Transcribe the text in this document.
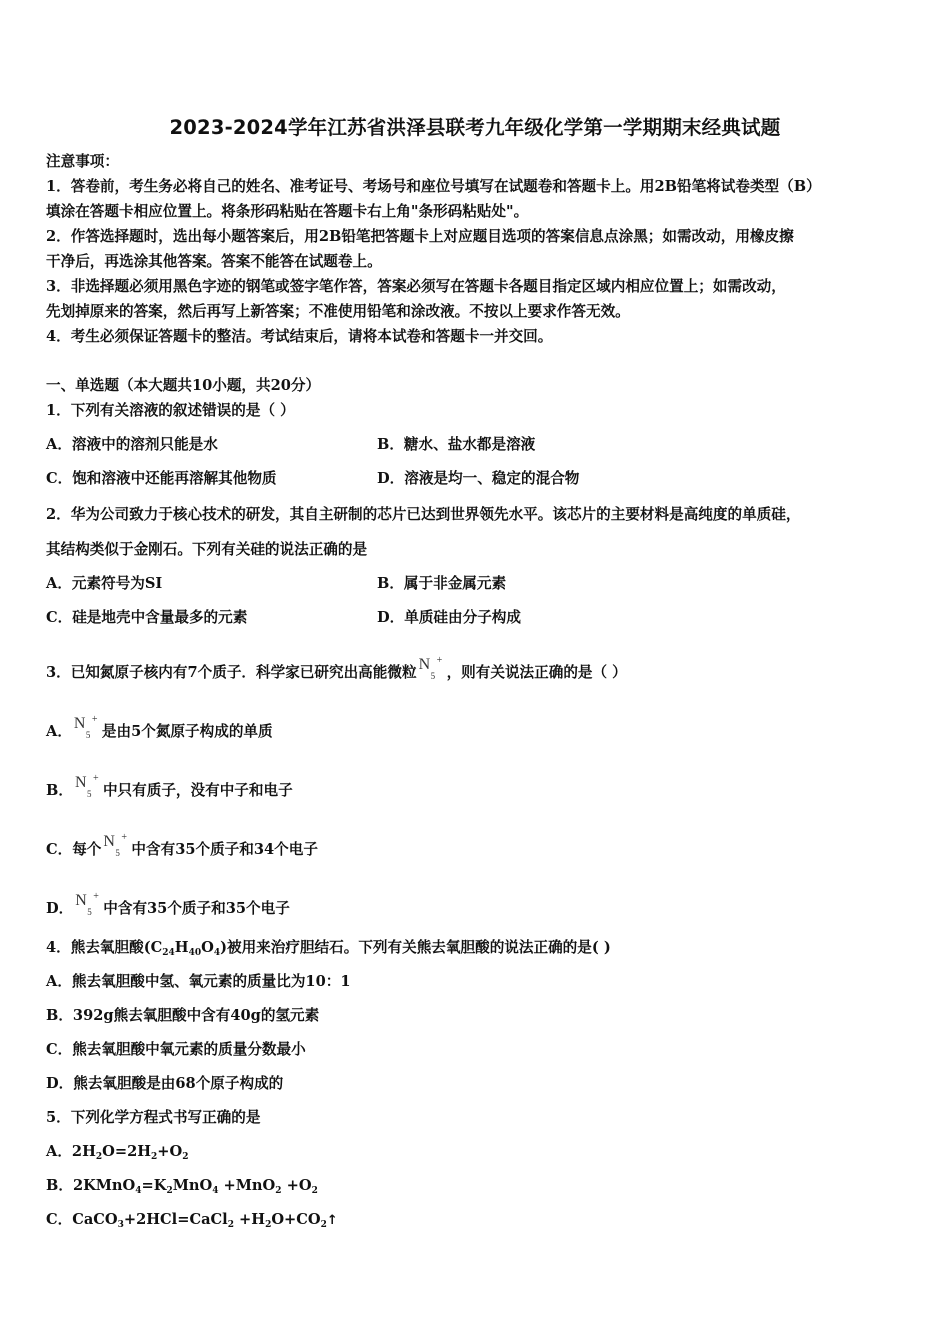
2023-2024学年江苏省洪泽县联考九年级化学第一学期期末经典试题
注意事项：
1．答卷前，考生务必将自己的姓名、准考证号、考场号和座位号填写在试题卷和答题卡上。用2B铅笔将试卷类型（B）
填涂在答题卡相应位置上。将条形码粘贴在答题卡右上角"条形码粘贴处"。
2．作答选择题时，选出每小题答案后，用2B铅笔把答题卡上对应题目选项的答案信息点涂黑；如需改动，用橡皮擦
干净后，再选涂其他答案。答案不能答在试题卷上。
3．非选择题必须用黑色字迹的钢笔或签字笔作答，答案必须写在答题卡各题目指定区域内相应位置上；如需改动，
先划掉原来的答案，然后再写上新答案；不准使用铅笔和涂改液。不按以上要求作答无效。
4．考生必须保证答题卡的整洁。考试结束后，请将本试卷和答题卡一并交回。
一、单选题（本大题共10小题，共20分）
1．下列有关溶液的叙述错误的是（ ）
A．溶液中的溶剂只能是水	B．糖水、盐水都是溶液
C．饱和溶液中还能再溶解其他物质	D．溶液是均一、稳定的混合物
2．华为公司致力于核心技术的研发，其自主研制的芯片已达到世界领先水平。该芯片的主要材料是高纯度的单质硅，
其结构类似于金刚石。下列有关硅的说法正确的是
A．元素符号为SI	B．属于非金属元素
C．硅是地壳中含量最多的元素	D．单质硅由分子构成
3．已知氮原子核内有7个质子．科学家已研究出高能微粒 N
5
+
，则有关说法正确的是（ ）
A． N
5
+
是由5个氮原子构成的单质
B． N
5
+
中只有质子，没有中子和电子
C．每个 N
5
+
中含有35个质子和34个电子
D． N
5
+
中含有35个质子和35个电子
4．熊去氧胆酸$(C_{24}H_{40}O_4)$被用来治疗胆结石。下列有关熊去氧胆酸的说法正确的是( )
A．熊去氧胆酸中氢、氧元素的质量比为10：1
B．392g熊去氧胆酸中含有40g的氢元素
C．熊去氧胆酸中氧元素的质量分数最小
D．熊去氧胆酸是由68个原子构成的
5．下列化学方程式书写正确的是
A．$2H_2O=2H_2+O_2$
B．$2KMnO_4=K_2MnO_4 +MnO_2 +O_2$
C．CaCO$_3$+2HCl=CaCl$_2$ $+H_2O+CO_2↑$
